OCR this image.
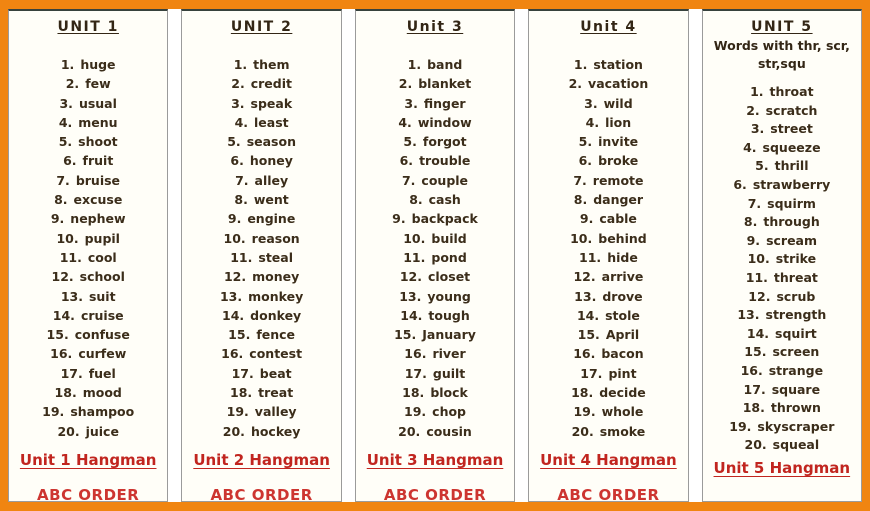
UNIT 1
1. huge
2. few
3. usual
4. menu
5. shoot
6. fruit
7. bruise
8. excuse
9. nephew
10. pupil
11. cool
12. school
13. suit
14. cruise
15. confuse
16. curfew
17. fuel
18. mood
19. shampoo
20. juice
Unit 1 Hangman
ABC ORDER
UNIT 2
1. them
2. credit
3. speak
4. least
5. season
6. honey
7. alley
8. went
9. engine
10. reason
11. steal
12. money
13. monkey
14. donkey
15. fence
16. contest
17. beat
18. treat
19. valley
20. hockey
Unit 2 Hangman
ABC ORDER
Unit 3
1. band
2. blanket
3. finger
4. window
5. forgot
6. trouble
7. couple
8. cash
9. backpack
10. build
11. pond
12. closet
13. young
14. tough
15. January
16. river
17. guilt
18. block
19. chop
20. cousin
Unit 3 Hangman
ABC ORDER
Unit 4
1. station
2. vacation
3. wild
4. lion
5. invite
6. broke
7. remote
8. danger
9. cable
10. behind
11. hide
12. arrive
13. drove
14. stole
15. April
16. bacon
17. pint
18. decide
19. whole
20. smoke
Unit 4 Hangman
ABC ORDER
UNIT 5
Words with thr, scr,
str,squ
1. throat
2. scratch
3. street
4. squeeze
5. thrill
6. strawberry
7. squirm
8. through
9. scream
10. strike
11. threat
12. scrub
13. strength
14. squirt
15. screen
16. strange
17. square
18. thrown
19. skyscraper
20. squeal
Unit 5 Hangman
